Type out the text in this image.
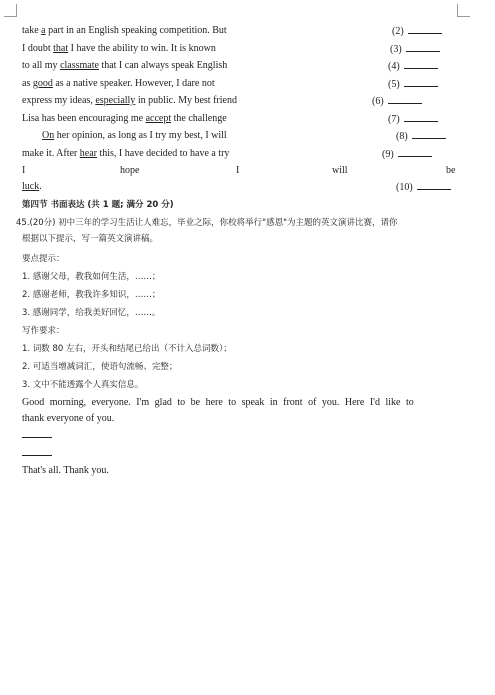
take a part in an English speaking competition. But	(2)
I doubt that I have the ability to win. It is known	(3)
to all my classmate that I can always speak English	(4)
as good as a native speaker. However, I dare not	(5)
express my ideas, especially in public. My best friend	(6)
Lisa has been encouraging me accept the challenge	(7)
On her opinion, as long as I try my best, I will	(8)
make it. After hear this, I have decided to have a try	(9)
I	hope	I	will	be
luck.	(10)
第四节 书面表达 (共 1 题; 满分 20 分)
45.(20分) 初中三年的学习生活让人难忘，毕业之际，你校将举行"感恩"为主题的英文演讲比赛，请你
根据以下提示，写一篇英文演讲稿。
要点提示：
1. 感谢父母，教我如何生活，……；
2. 感谢老师，教我许多知识，……；
3. 感谢同学，给我美好回忆，……。
写作要求：
1. 词数 80 左右，开头和结尾已给出（不计入总词数）；
2. 可适当增减词汇，使语句流畅、完整；
3. 文中不能透露个人真实信息。
Good morning, everyone. I'm glad to be here to speak in front of you. Here I'd like to
thank everyone of you.
That's all. Thank you.
